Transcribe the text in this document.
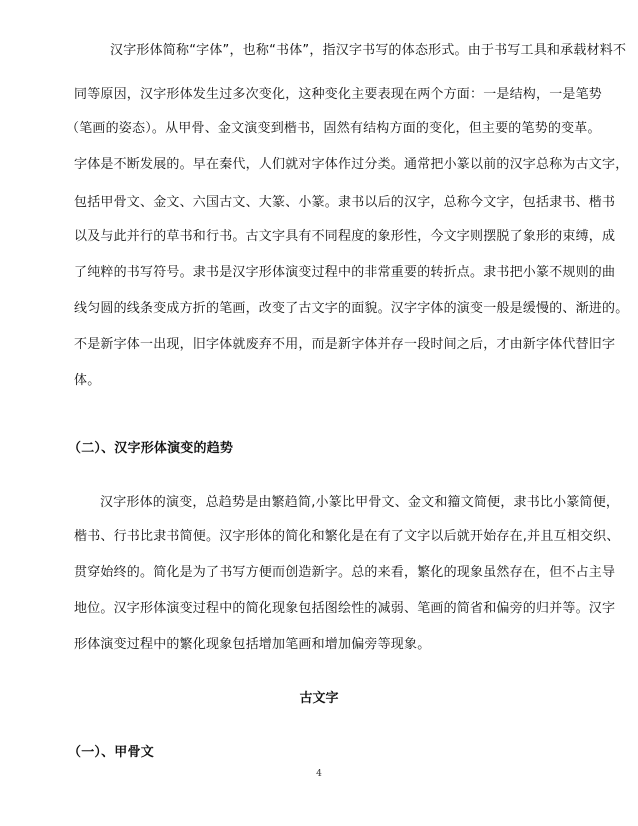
汉字形体简称“字体”，也称“书体”，指汉字书写的体态形式。由于书写工具和承载材料不
同等原因，汉字形体发生过多次变化，这种变化主要表现在两个方面：一是结构，一是笔势
（笔画的姿态）。从甲骨、金文演变到楷书，固然有结构方面的变化，但主要的笔势的变革。
字体是不断发展的。早在秦代，人们就对字体作过分类。通常把小篆以前的汉字总称为古文字，
包括甲骨文、金文、六国古文、大篆、小篆。隶书以后的汉字，总称今文字，包括隶书、楷书
以及与此并行的草书和行书。古文字具有不同程度的象形性，今文字则摆脱了象形的束缚，成
了纯粹的书写符号。隶书是汉字形体演变过程中的非常重要的转折点。隶书把小篆不规则的曲
线匀圆的线条变成方折的笔画，改变了古文字的面貌。汉字字体的演变一般是缓慢的、渐进的。
不是新字体一出现，旧字体就废弃不用，而是新字体并存一段时间之后，才由新字体代替旧字
体。
（二）、汉字形体演变的趋势
汉字形体的演变，总趋势是由繁趋简,小篆比甲骨文、金文和籀文简便，隶书比小篆简便，
楷书、行书比隶书简便。汉字形体的简化和繁化是在有了文字以后就开始存在,并且互相交织、
贯穿始终的。简化是为了书写方便而创造新字。总的来看，繁化的现象虽然存在，但不占主导
地位。汉字形体演变过程中的简化现象包括图绘性的减弱、笔画的简省和偏旁的归并等。汉字
形体演变过程中的繁化现象包括增加笔画和增加偏旁等现象。
古文字
（一）、甲骨文
4
